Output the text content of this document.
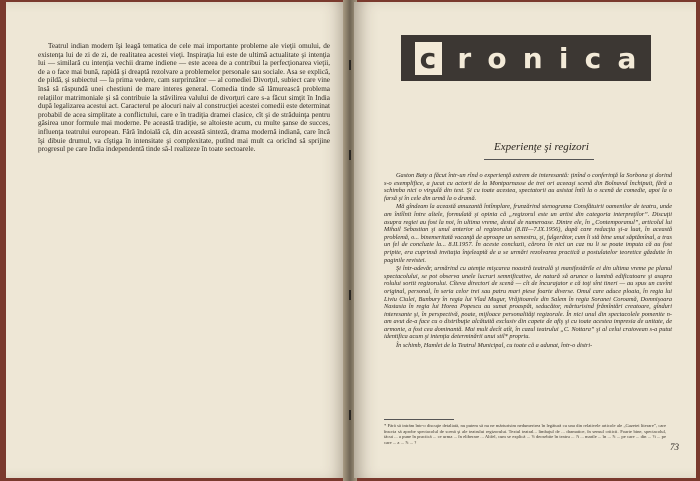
Teatrul indian modern îşi leagă tematica de cele mai importante probleme ale vieţii omului, de existenţa lui de zi de zi, de realitatea acestei vieţi. Inspiraţia lui este de ultimă actualitate şi intenţia lui — similară cu intenţia vechii drame indiene — este aceea de a contribui la perfecţionarea vieţii, de a o face mai bună, rapidă şi dreaptă rezolvare a problemelor personale sau sociale. Asa se explică, de pildă, şi subiectul — la prima vedere, cam surprinzător — al comediei Divorţul, subiect care vine însă să răspundă unei chestiuni de mare interes general. Comedia tinde să lămurească problema relaţiilor matrimoniale şi să contribuie la stăvilirea valului de divorţuri care s-a făcut simţit în India după legalizarea acestui act. Caracterul pe alocuri naiv al construcţiei acestei comedii este determinat probabil de acea simplitate a conflictului, care e în tradiţia dramei clasice, cît şi de străduinţa pentru găsirea unor formule mai moderne. Pe această tradiţie, se altoieste acum, cu multe şanse de succes, influenţa teatrului european. Fără îndoială că, din această sinteză, drama modernă indiană, care încă îşi dibuie drumul, va cîştiga în intensitate şi complexitate, putînd mai mult ca oricînd să sprijine progresul pe care India independentă tinde să-l realizeze în toate sectoarele.

c r o n i c a
Experienţe şi regizori

Gaston Baty a făcut într-un rînd o experienţă extrem de interesantă: ţinînd o conferinţă la Sorbona şi dorind s-o exemplifice, a jucat cu actorii de la Montparnasse de trei ori aceeaşi scenă din Bolnavul închipuit, fără a schimba nici o virgulă din text. Şi cu toate acestea, spectatorii au asistat întîi la o scenă de comedie, apoi la o farsă şi în cele din urmă la o dramă.

Mă gîndeam la această amuzantă întîmplare, frunzărind stenograma Consfătuirii oamenilor de teatru, unde am întîlnit între altele, formulată şi opinia că „regizorul este un artist din categoria interpreţilor”. Discuţii asupra regiei au fost la noi, în ultima vreme, destul de numeroase. Dintre ele, în „Contemporanul”, articolul lui Mihail Sebastian şi unul anterior al regizorului (8.III—7.IX.1956), după care redacţia şi-a luat, în această problemă, o... binemeritată vacanţă de aproape un semestru, şi, fulgerător, cum îi stă bine unui săptămînal, a tras un fel de concluzie la... 8.II.1957. În aceste concluzii, cărora în nici un caz nu li se poate imputa că au fost pripite, era cuprinsă invitaţia înţeleaptă de a se urmări rezolvarea practică a postulatelor teoretice găzduite în paginile revistei.

Şi într-adevăr, urmărind cu atenţie mişcarea noastră teatrală şi manifestările ei din ultima vreme pe planul spectacolului, se pot observa unele lucruri semnificative, de natură să arunce o lumină edificatoare şi asupra rolului sortit regizorului. Cîteva directori de scenă — cît de încurajator e că toţi sînt tineri — au spus un cuvînt original, personal, în seria celor trei sau patru mari piese foarte diverse. Omul care aduce ploaia, în regia lui Liviu Ciulei, Bunbury în regia lui Vlad Mugur, Vrăjitoarele din Salem în regia Soranei Coroamă, Domnişoara Nastasia în regia lui Horea Popescu au sunat proaspăt, seducător, mărturisind frămîntări creatoare, gînduri interesante şi, în perspectivă, poate, mijloace personalităţi regizorale. În nici unul din spectacolele pomenite n-am avut de-a face cu o distribuţie alcătuită exclusiv din capete de afiş şi cu toate acestea impresia de unitate, de armonie, a fost cea dominantă. Mai mult decît atît, în cazul teatrului „C. Nottara” şi al celui craiovean s-a putut identifica acum şi intenţia determinării unui stil* propriu.

În schimb, Hamlet de la Teatrul Municipal, cu toate că a adunat, într-o distri-

* Fără să intrăm într-o discuţie detaliată, nu putem să nu ne mărturisim nedumerirea în legătură cu una din relativele articole ale „Gazetei literare”, care înscria să aprobe spectacolul de scenă şi ale teatrului regizorului. Textul teatral... limbajul de ... dramatice, în sensul criticii. Foarte bine, spectacolul, tăcut ... a pune în practică ... ce urma ... în eliberare ... Altfel, cum se explică ... ?i deosebite în teatru ... ?i ... marile ... în ... ?i ... pe care ... din ... ?i ... pe care ... a ... ?i ... ?	73
